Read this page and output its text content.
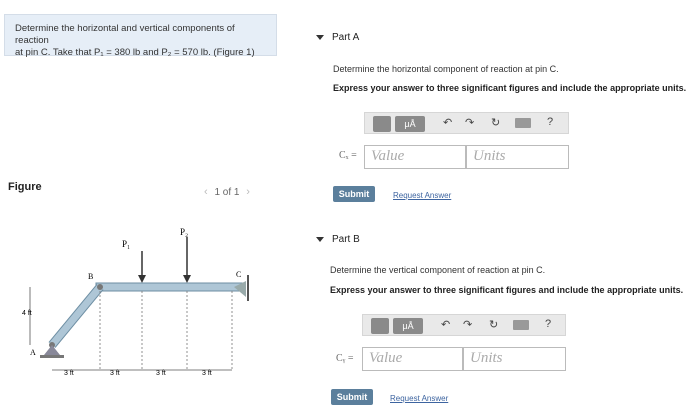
Determine the horizontal and vertical components of reaction
at pin C. Take that P₁ = 380 lb and P₂ = 570 lb. (Figure 1)
Figure	‹ 1 of 1 ›
P₁
P₂
B	C
A
4 ft
3 ft	3 ft	3 ft	3 ft
Part A
Determine the horizontal component of reaction at pin C.
Express your answer to three significant figures and include the appropriate units.
μÅ	↶ ↷ ↻	?
Cₓ = Value	Units
Submit	Request Answer
Part B
Determine the vertical component of reaction at pin C.
Express your answer to three significant figures and include the appropriate units.
μÅ	↶ ↷ ↻	?
Cᵧ =	Value	Units
Submit	Request Answer
